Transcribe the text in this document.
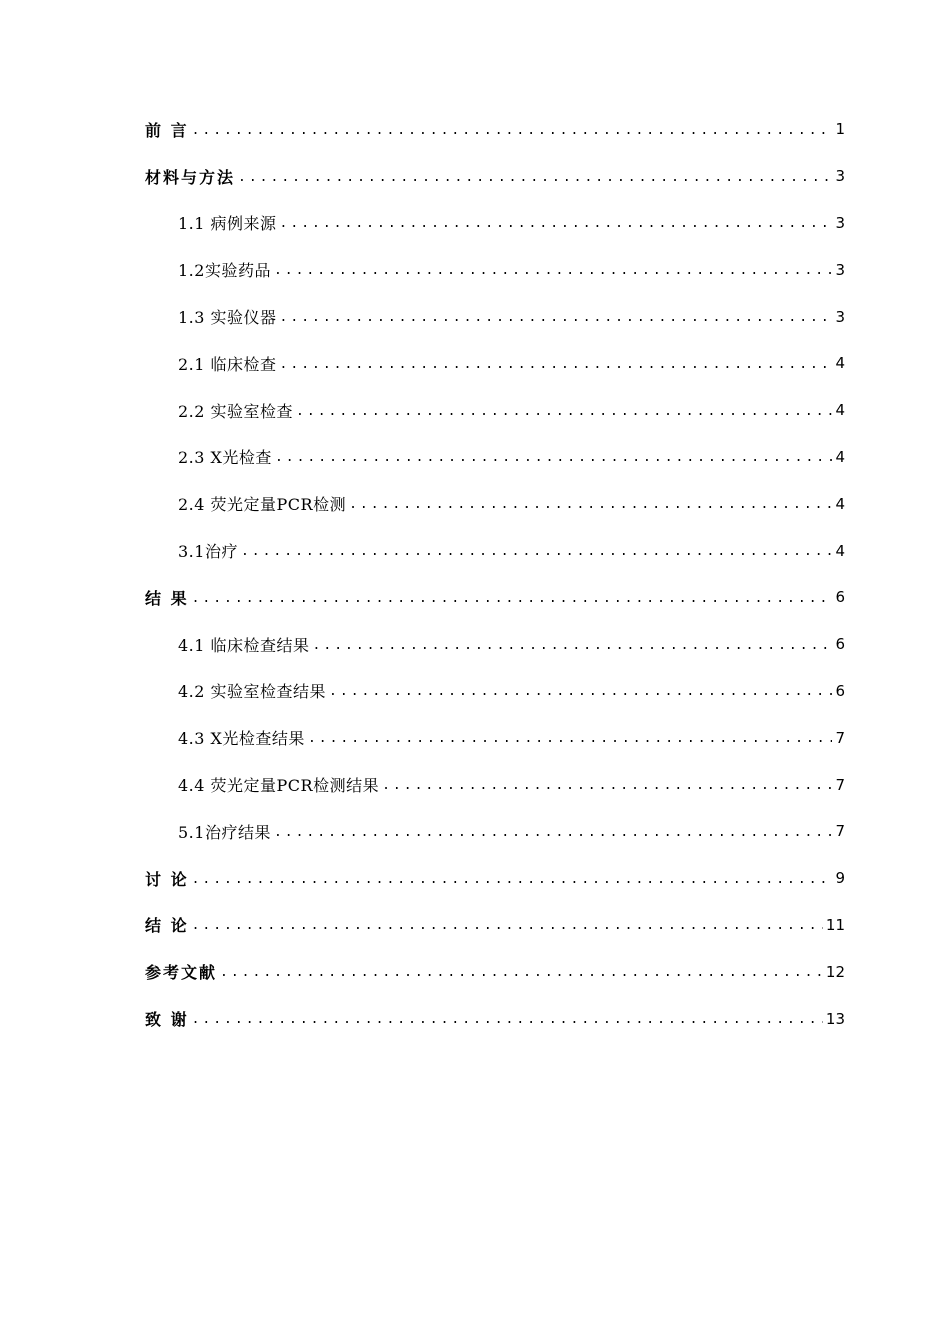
前 言 .....	1
材料与方法 .....	3
1.1 病例来源 .....	3
1.2实验药品 .....	3
1.3 实验仪器 .....	3
2.1 临床检查 .....	4
2.2 实验室检查 .....	4
2.3 X光检查 .....	4
2.4 荧光定量PCR检测 .....	4
3.1治疗 .....	4
结 果 .....	6
4.1 临床检查结果 .....	6
4.2 实验室检查结果 .....	6
4.3 X光检查结果 .....	7
4.4 荧光定量PCR检测结果 .....	7
5.1治疗结果 .....	7
讨 论 .....	9
结 论 .....	11
参考文献 .....	12
致 谢 .....	13
